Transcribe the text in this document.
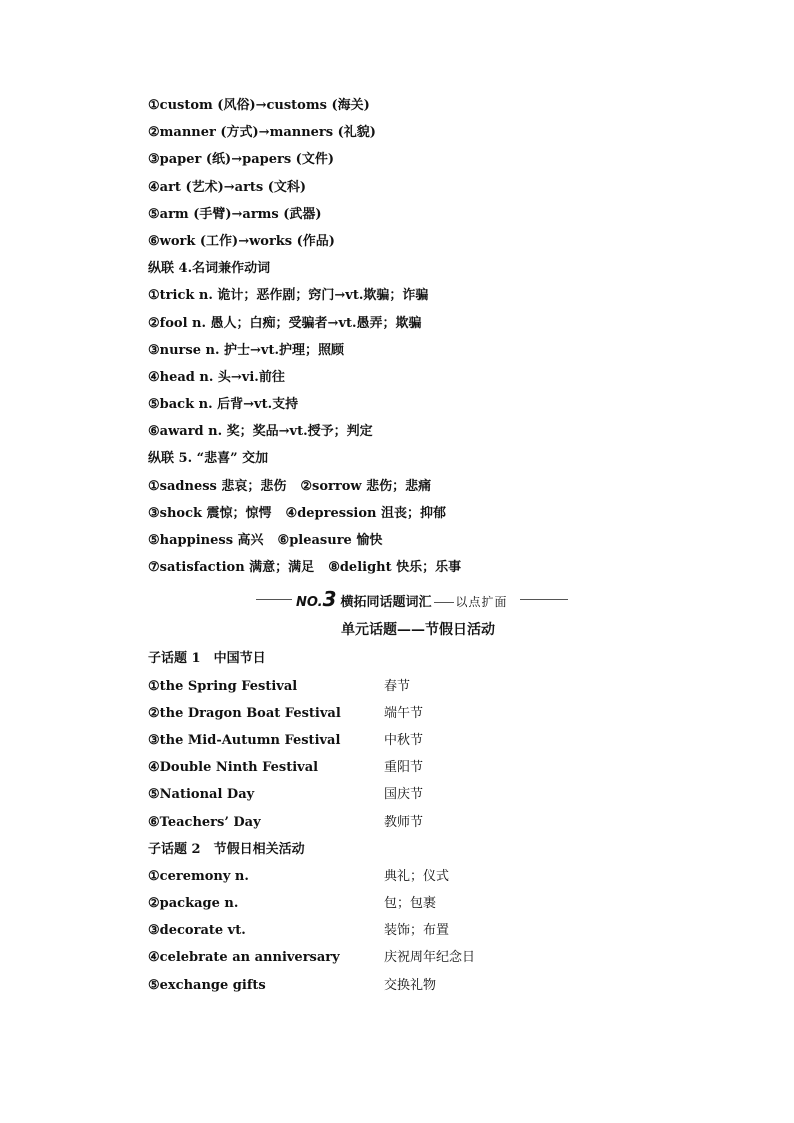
①custom (风俗)→customs (海关)
②manner (方式)→manners (礼貌)
③paper (纸)→papers (文件)
④art (艺术)→arts (文科)
⑤arm (手臂)→arms (武器)
⑥work (工作)→works (作品)
纵联 4.名词兼作动词
①trick n. 诡计；恶作剧；窍门→vt.欺骗；诈骗
②fool n. 愚人；白痴；受骗者→vt.愚弄；欺骗
③nurse n. 护士→vt.护理；照顾
④head n. 头→vi.前往
⑤back n. 后背→vt.支持
⑥award n. 奖；奖品→vt.授予；判定
纵联 5. “悲喜” 交加
①sadness 悲哀；悲伤 ②sorrow 悲伤；悲痛
③shock 震惊；惊愕 ④depression 沮丧；抑郁
⑤happiness 高兴 ⑥pleasure 愉快
⑦satisfaction 满意；满足 ⑧delight 快乐；乐事
NO.3 横拓同话题词汇 以点扩面
单元话题——节假日活动
子话题 1　中国节日
①the Spring Festival	春节
②the Dragon Boat Festival	端午节
③the Mid-Autumn Festival	中秋节
④Double Ninth Festival	重阳节
⑤National Day	国庆节
⑥Teachers’ Day	教师节
子话题 2　节假日相关活动
①ceremony n.	典礼；仪式
②package n.	包；包裹
③decorate vt.	装饰；布置
④celebrate an anniversary	庆祝周年纪念日
⑤exchange gifts	交换礼物
